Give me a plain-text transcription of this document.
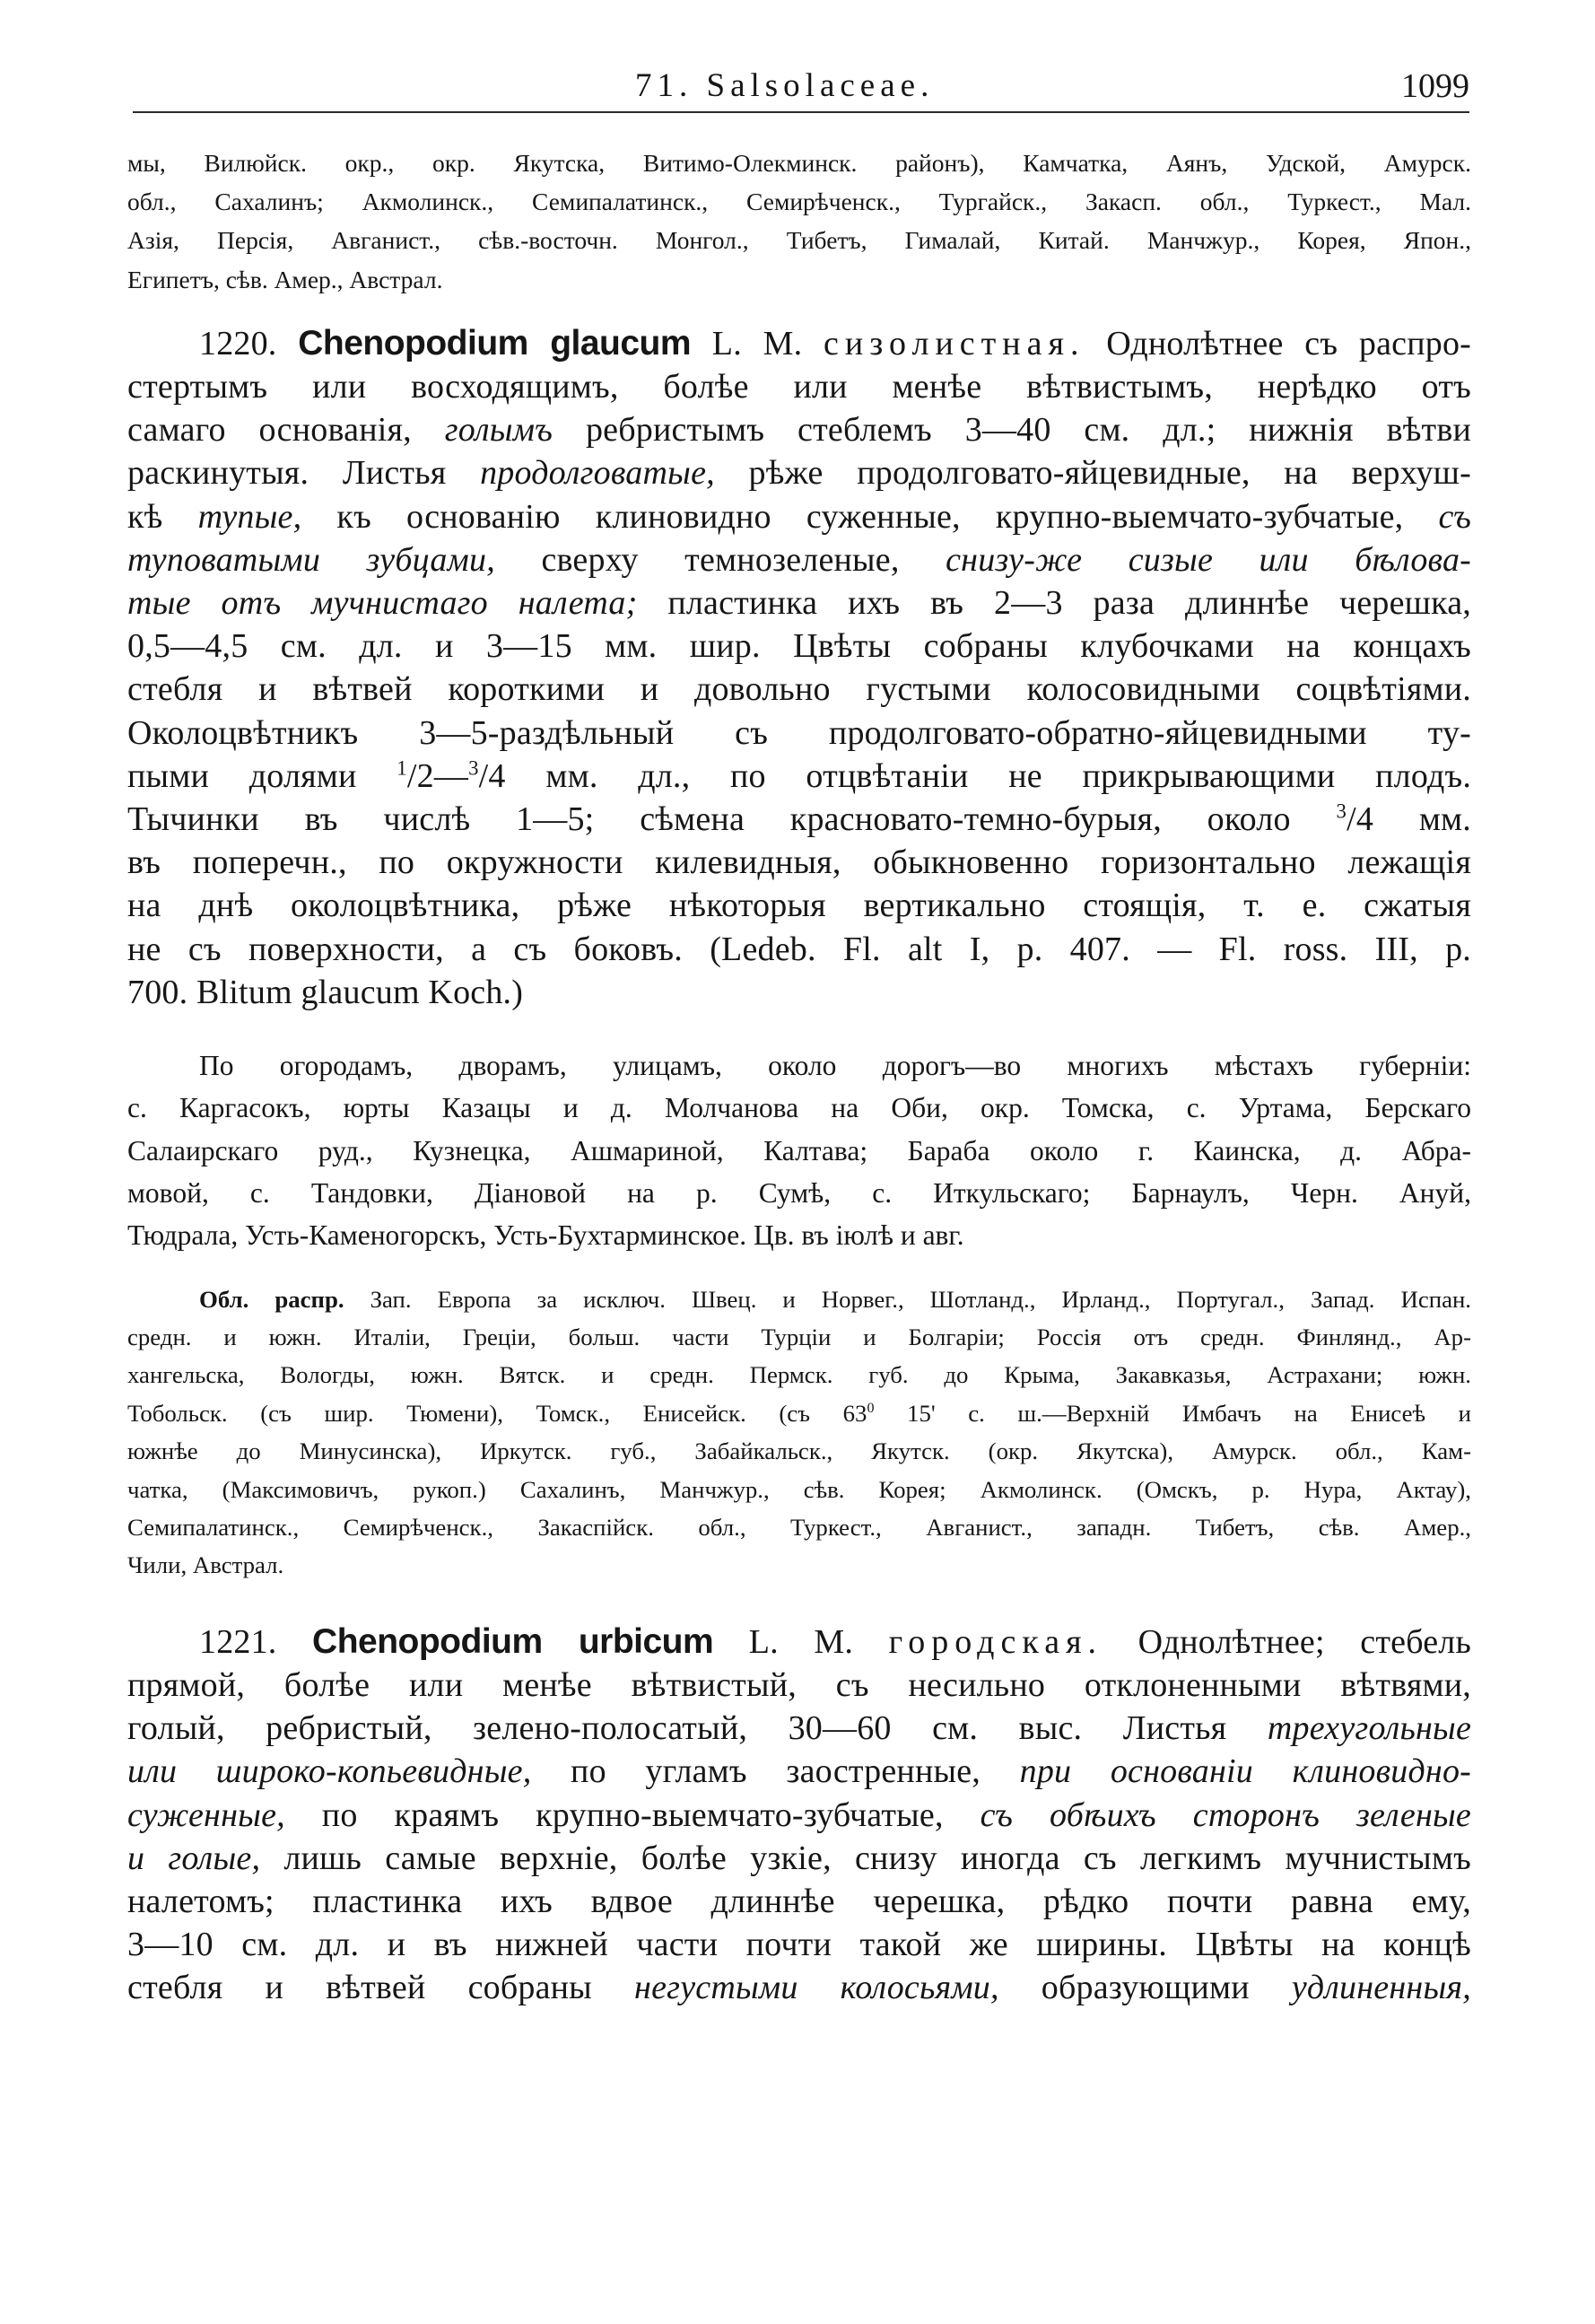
71. Salsolaceae.	1099

мы, Вилюйск. окр., окр. Якутска, Витимо-Олекминск. районъ), Камчатка, Аянъ, Удской, Амурск.

обл., Сахалинъ; Акмолинск., Семипалатинск., Семирѣченск., Тургайск., Закасп. обл., Туркест., Мал.

Азія, Персія, Авганист., сѣв.-восточн. Монгол., Тибетъ, Гималай, Китай. Манчжур., Корея, Япон.,

Египетъ, сѣв. Амер., Австрал.

1220. Chenopodium glaucum L. M. сизолистная. Однолѣтнее съ распро-

стертымъ или восходящимъ, болѣе или менѣе вѣтвистымъ, нерѣдко отъ

самаго основанія, голымъ ребристымъ стеблемъ 3—40 см. дл.; нижнія вѣтви

раскинутыя. Листья продолговатые, рѣже продолговато-яйцевидные, на верхуш-

кѣ тупые, къ основанію клиновидно суженные, крупно-выемчато-зубчатые, съ

туповатыми зубцами, сверху темнозеленые, снизу-же сизые или бѣлова-

тые отъ мучнистаго налета; пластинка ихъ въ 2—3 раза длиннѣе черешка,

0,5—4,5 см. дл. и 3—15 мм. шир. Цвѣты собраны клубочками на концахъ

стебля и вѣтвей короткими и довольно густыми колосовидными соцвѣтіями.

Околоцвѣтникъ 3—5-раздѣльный съ продолговато-обратно-яйцевидными ту-

пыми долями $^1$/2—$^3$/4 мм. дл., по отцвѣтаніи не прикрывающими плодъ.

Тычинки въ числѣ 1—5; сѣмена красновато-темно-бурыя, около $^3$/4 мм.

въ поперечн., по окружности килевидныя, обыкновенно горизонтально лежащія

на днѣ околоцвѣтника, рѣже нѣкоторыя вертикально стоящія, т. е. сжатыя

не съ поверхности, а съ боковъ. (Ledeb. Fl. alt I, p. 407. — Fl. ross. III, p.

700. Blitum glaucum Koch.)

По огородамъ, дворамъ, улицамъ, около дорогъ—во многихъ мѣстахъ губерніи:

с. Каргасокъ, юрты Казацы и д. Молчанова на Оби, окр. Томска, с. Уртама, Берскаго

Салаирскаго руд., Кузнецка, Ашмариной, Калтава; Бараба около г. Каинска, д. Абра-

мовой, с. Тандовки, Діановой на р. Сумѣ, с. Иткульскаго; Барнаулъ, Черн. Ануй,

Тюдрала, Усть-Каменогорскъ, Усть-Бухтарминское. Цв. въ іюлѣ и авг.

Обл. распр. Зап. Европа за исключ. Швец. и Норвег., Шотланд., Ирланд., Португал., Запад. Испан.

средн. и южн. Италіи, Греціи, больш. части Турціи и Болгаріи; Россія отъ средн. Финлянд., Ар-

хангельска, Вологды, южн. Вятск. и средн. Пермск. губ. до Крыма, Закавказья, Астрахани; южн.

Тобольск. (съ шир. Тюмени), Томск., Енисейск. (съ $63^0$ 15' с. ш.—Верхній Имбачъ на Енисеѣ и

южнѣе до Минусинска), Иркутск. губ., Забайкальск., Якутск. (окр. Якутска), Амурск. обл., Кам-

чатка, (Максимовичъ, рукоп.) Сахалинъ, Манчжур., сѣв. Корея; Акмолинск. (Омскъ, р. Нура, Актау),

Семипалатинск., Семирѣченск., Закаспійск. обл., Туркест., Авганист., западн. Тибетъ, сѣв. Амер.,

Чили, Австрал.

1221. Chenopodium urbicum L. M. городская. Однолѣтнее; стебель

прямой, болѣе или менѣе вѣтвистый, съ несильно отклоненными вѣтвями,

голый, ребристый, зелено-полосатый, 30—60 см. выс. Листья трехугольные

или широко-копьевидные, по угламъ заостренные, при основаніи клиновидно-

суженные, по краямъ крупно-выемчато-зубчатые, съ обѣихъ сторонъ зеленые

и голые, лишь самые верхніе, болѣе узкіе, снизу иногда съ легкимъ мучнистымъ

налетомъ; пластинка ихъ вдвое длиннѣе черешка, рѣдко почти равна ему,

3—10 см. дл. и въ нижней части почти такой же ширины. Цвѣты на концѣ

стебля и вѣтвей собраны негустыми колосьями, образующими удлиненныя,
